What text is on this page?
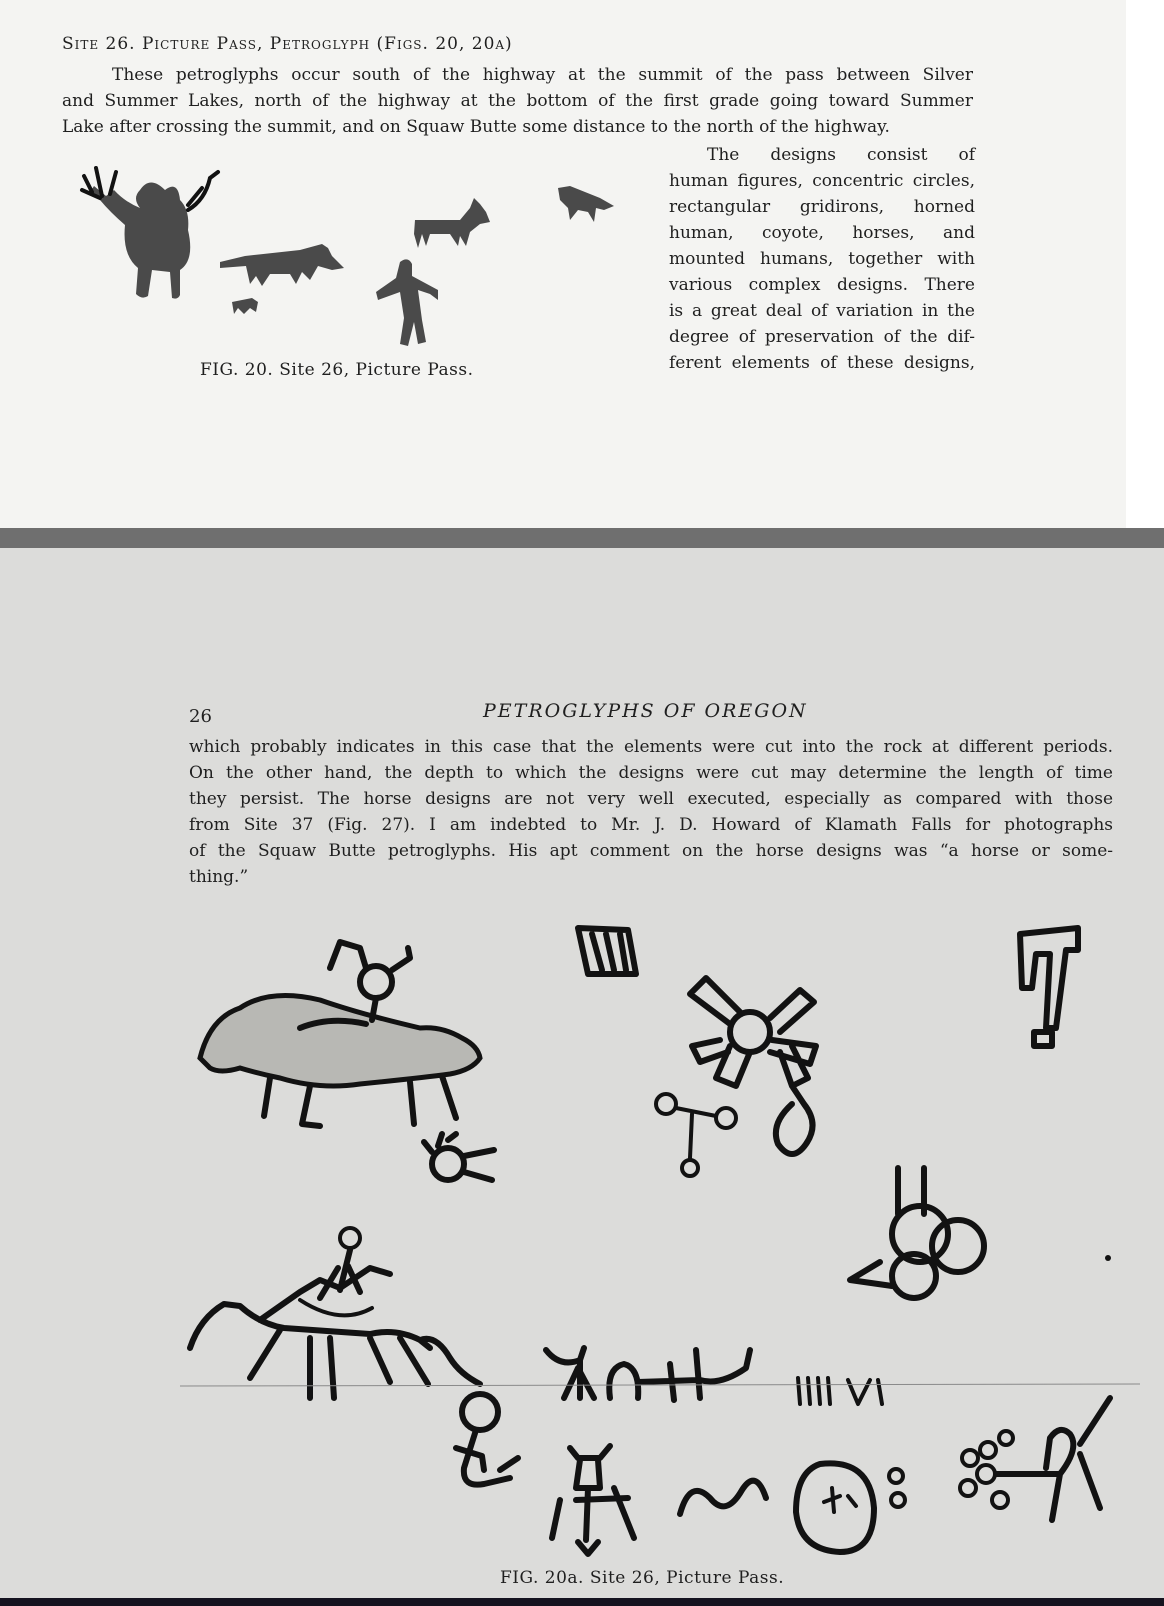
Site 26. Picture Pass, Petroglyph (Figs. 20, 20a)
These petroglyphs occur south of the highway at the summit of the pass between Silver
and Summer Lakes, north of the highway at the bottom of the first grade going toward Summer
Lake after crossing the summit, and on Squaw Butte some distance to the north of the highway.
The designs consist of
human figures, concentric circles,
rectangular gridirons, horned
human, coyote, horses, and
mounted humans, together with
various complex designs. There
is a great deal of variation in the
degree of preservation of the dif-
ferent elements of these designs,
FIG. 20. Site 26, Picture Pass.
26	PETROGLYPHS OF OREGON
which probably indicates in this case that the elements were cut into the rock at different periods.
On the other hand, the depth to which the designs were cut may determine the length of time
they persist. The horse designs are not very well executed, especially as compared with those
from Site 37 (Fig. 27). I am indebted to Mr. J. D. Howard of Klamath Falls for photographs
of the Squaw Butte petroglyphs. His apt comment on the horse designs was “a horse or some-
thing.”
FIG. 20a. Site 26, Picture Pass.
